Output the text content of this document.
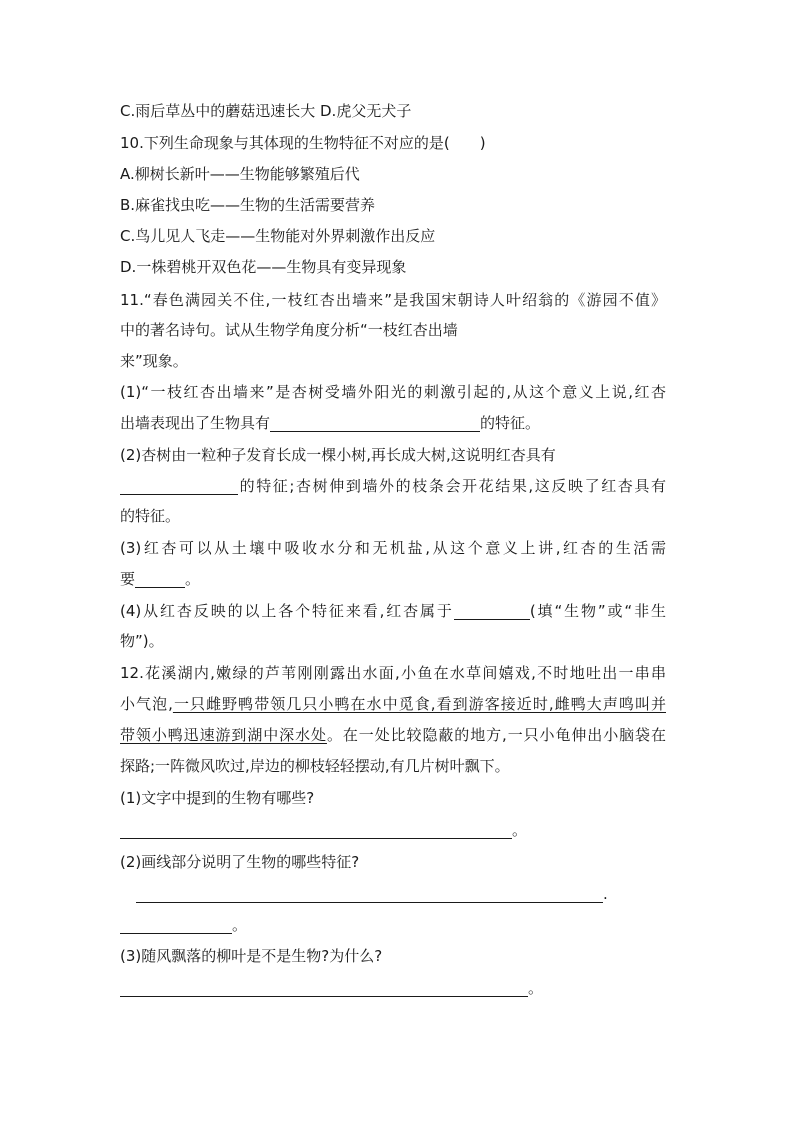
C.雨后草丛中的蘑菇迅速长大 D.虎父无犬子
10.下列生命现象与其体现的生物特征不对应的是(　　)
A.柳树长新叶——生物能够繁殖后代
B.麻雀找虫吃——生物的生活需要营养
C.鸟儿见人飞走——生物能对外界刺激作出反应
D.一株碧桃开双色花——生物具有变异现象
11.“春色满园关不住,一枝红杏出墙来”是我国宋朝诗人叶绍翁的《游园不值》
中的著名诗句。试从生物学角度分析“一枝红杏出墙
来”现象。
(1)“一枝红杏出墙来”是杏树受墙外阳光的刺激引起的,从这个意义上说,红杏
出墙表现出了生物具有	的特征。
(2)杏树由一粒种子发育长成一棵小树,再长成大树,这说明红杏具有
的特征;杏树伸到墙外的枝条会开花结果,这反映了红杏具有
的特征。
(3)红杏可以从土壤中吸收水分和无机盐,从这个意义上讲,红杏的生活需
要	。
(4)从红杏反映的以上各个特征来看,红杏属于	(填“生物”或“非生
物”)。
12.花溪湖内,嫩绿的芦苇刚刚露出水面,小鱼在水草间嬉戏,不时地吐出一串串
小气泡,一只雌野鸭带领几只小鸭在水中觅食,看到游客接近时,雌鸭大声鸣叫并
带领小鸭迅速游到湖中深水处。在一处比较隐蔽的地方,一只小龟伸出小脑袋在
探路;一阵微风吹过,岸边的柳枝轻轻摆动,有几片树叶飘下。
(1)文字中提到的生物有哪些?
。
(2)画线部分说明了生物的哪些特征?
.
。
(3)随风飘落的柳叶是不是生物?为什么?
。
